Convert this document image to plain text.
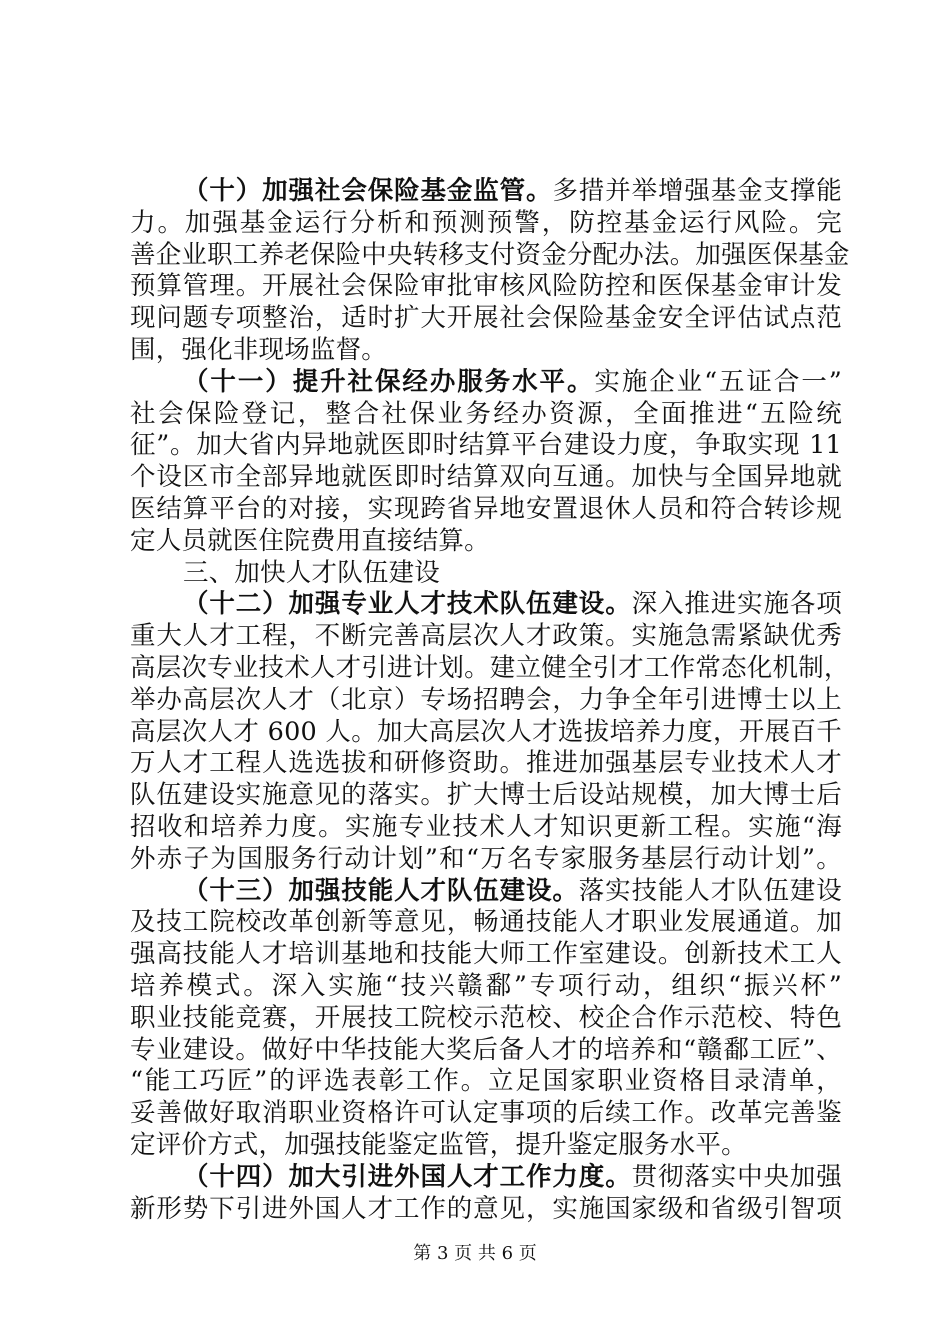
（十）加强社会保险基金监管。多措并举增强基金支撑能
力。加强基金运行分析和预测预警，防控基金运行风险。完
善企业职工养老保险中央转移支付资金分配办法。加强医保基金
预算管理。开展社会保险审批审核风险防控和医保基金审计发
现问题专项整治，适时扩大开展社会保险基金安全评估试点范
围，强化非现场监督。
（十一）提升社保经办服务水平。实施企业“五证合一”
社会保险登记，整合社保业务经办资源，全面推进“五险统
征”。加大省内异地就医即时结算平台建设力度，争取实现 11
个设区市全部异地就医即时结算双向互通。加快与全国异地就
医结算平台的对接，实现跨省异地安置退休人员和符合转诊规
定人员就医住院费用直接结算。
三、加快人才队伍建设
（十二）加强专业人才技术队伍建设。深入推进实施各项
重大人才工程，不断完善高层次人才政策。实施急需紧缺优秀
高层次专业技术人才引进计划。建立健全引才工作常态化机制，
举办高层次人才（北京）专场招聘会，力争全年引进博士以上
高层次人才 600 人。加大高层次人才选拔培养力度，开展百千
万人才工程人选选拔和研修资助。推进加强基层专业技术人才
队伍建设实施意见的落实。扩大博士后设站规模，加大博士后
招收和培养力度。实施专业技术人才知识更新工程。实施“海
外赤子为国服务行动计划”和“万名专家服务基层行动计划”。
（十三）加强技能人才队伍建设。落实技能人才队伍建设
及技工院校改革创新等意见，畅通技能人才职业发展通道。加
强高技能人才培训基地和技能大师工作室建设。创新技术工人
培养模式。深入实施“技兴赣鄱”专项行动，组织“振兴杯”
职业技能竞赛，开展技工院校示范校、校企合作示范校、特色
专业建设。做好中华技能大奖后备人才的培养和“赣鄱工匠”、
“能工巧匠”的评选表彰工作。立足国家职业资格目录清单，
妥善做好取消职业资格许可认定事项的后续工作。改革完善鉴
定评价方式，加强技能鉴定监管，提升鉴定服务水平。
（十四）加大引进外国人才工作力度。贯彻落实中央加强
新形势下引进外国人才工作的意见，实施国家级和省级引智项
第 3 页 共 6 页
